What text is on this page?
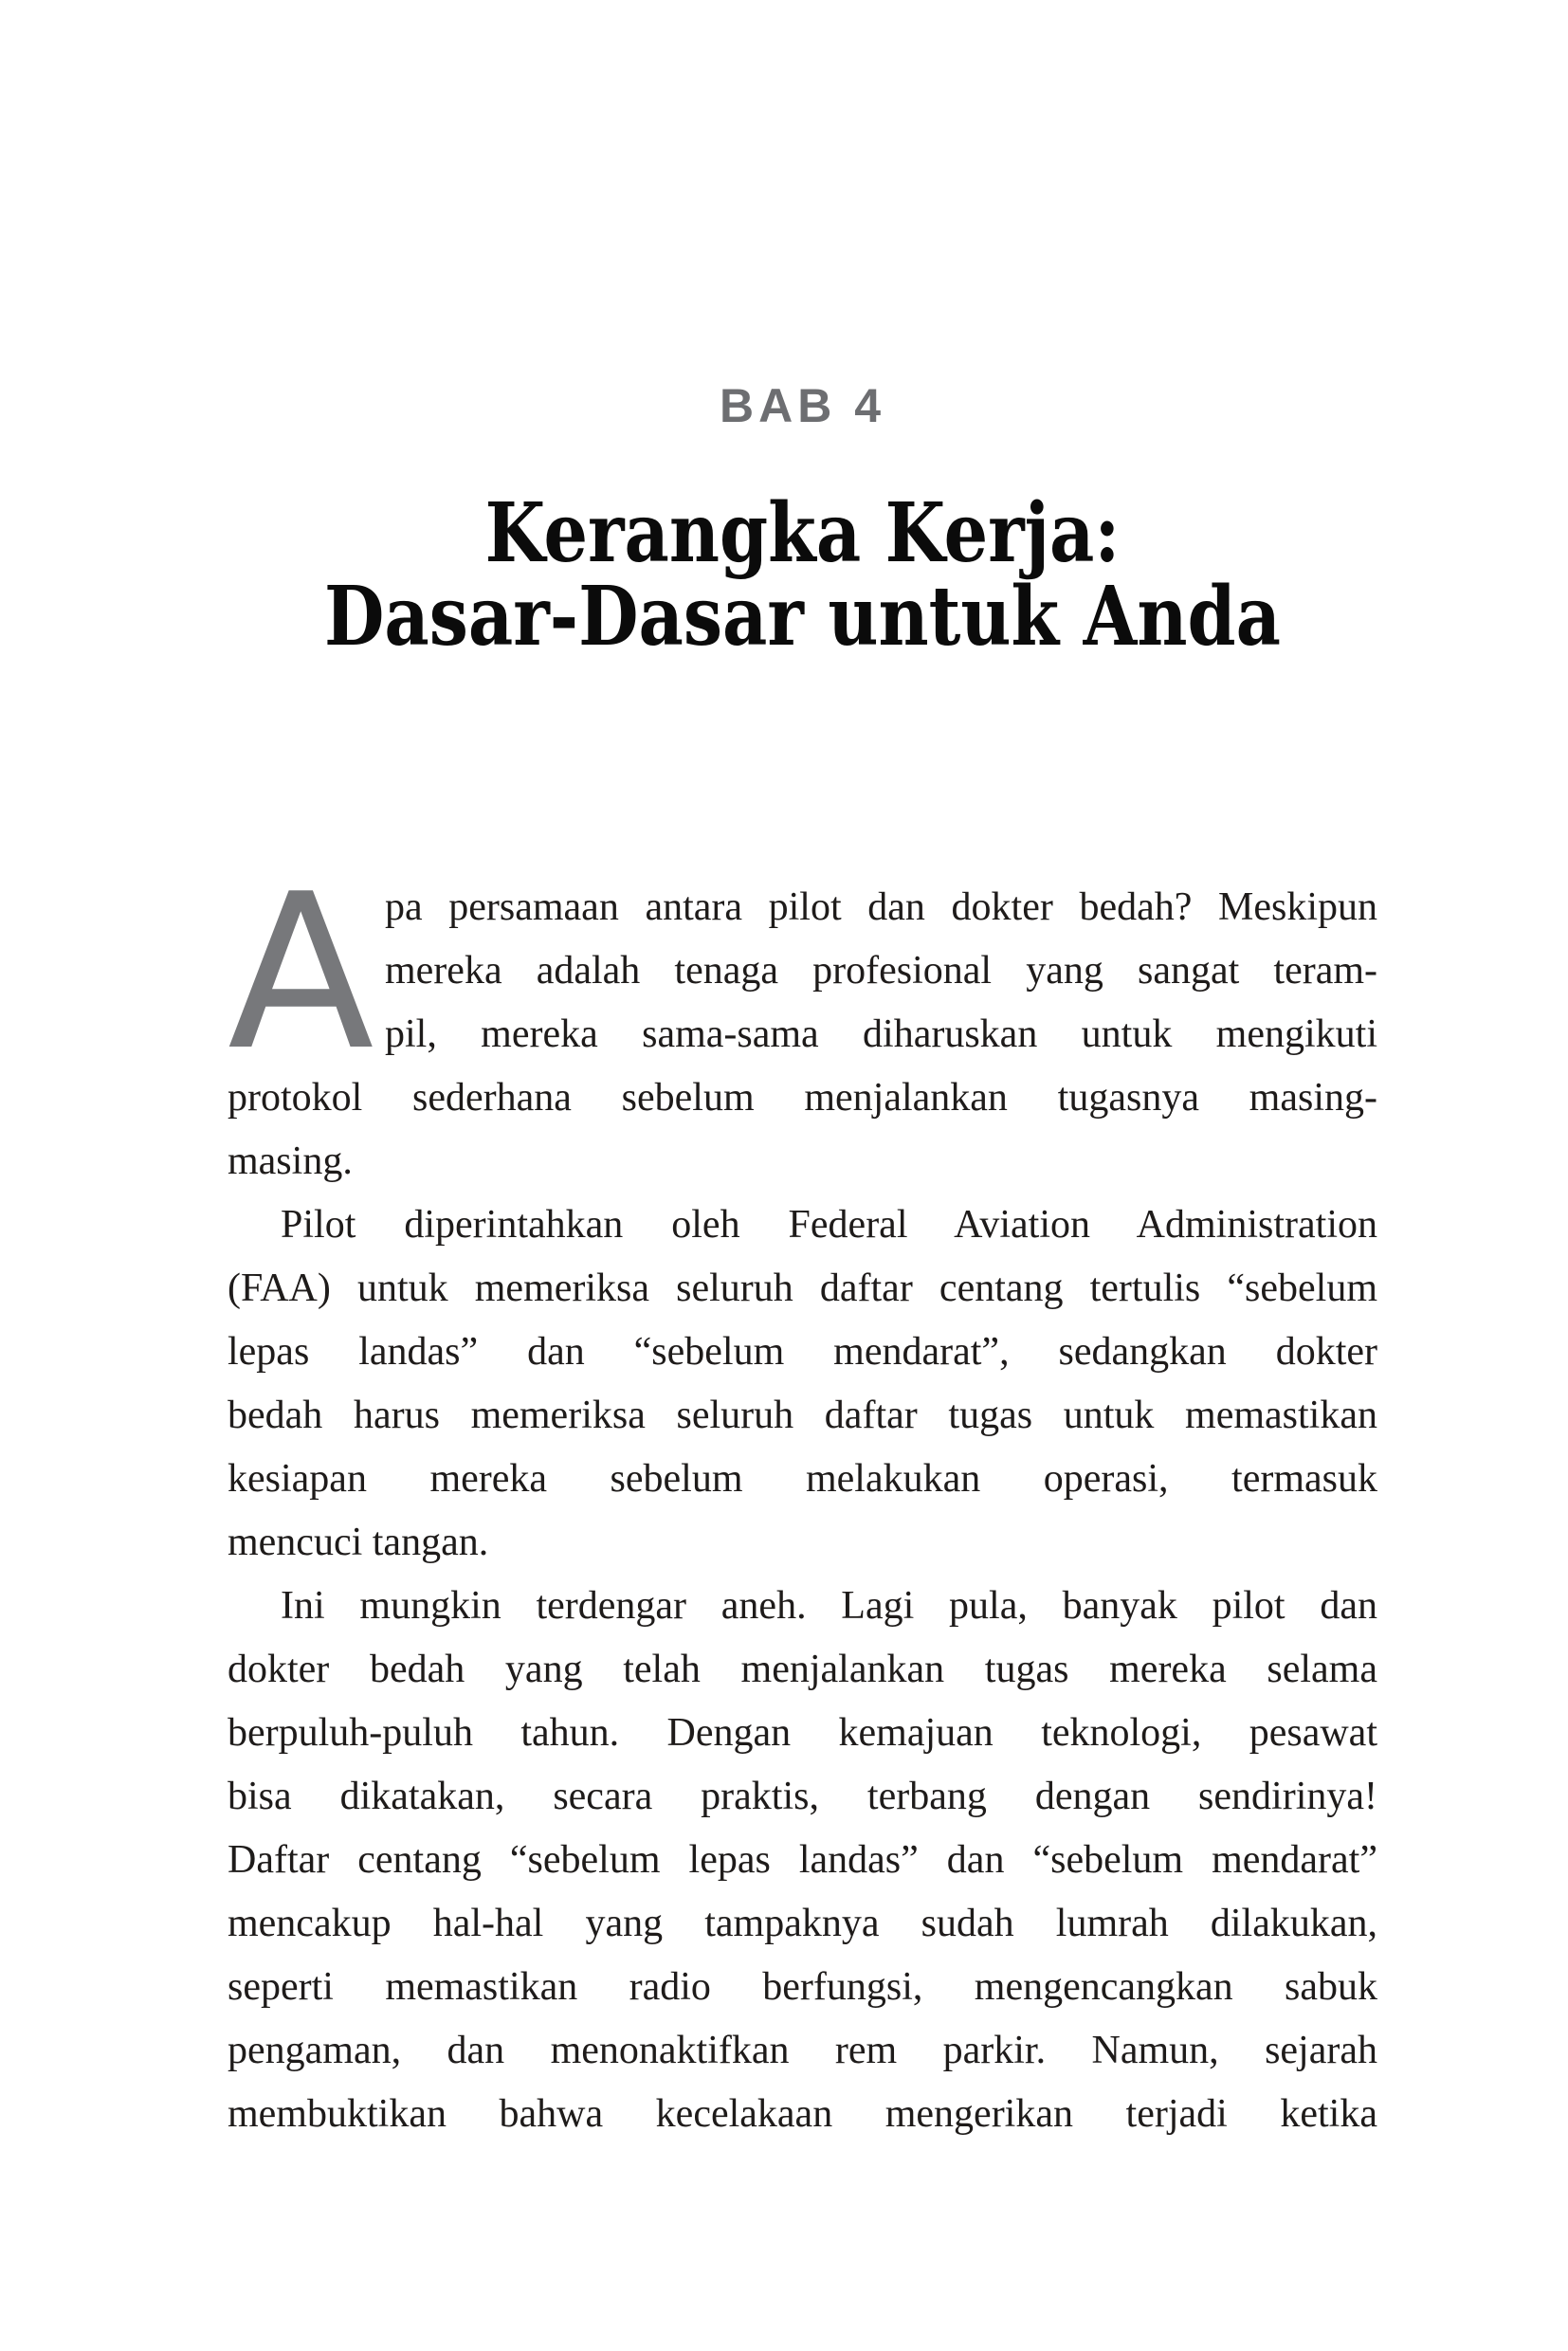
BAB 4
Kerangka Kerja:
Dasar-Dasar untuk Anda
A pa persamaan antara pilot dan dokter bedah? Meskipun
mereka adalah tenaga profesional yang sangat teram-
pil, mereka sama-sama diharuskan untuk mengikuti
protokol sederhana sebelum menjalankan tugasnya masing-
masing.
Pilot diperintahkan oleh Federal Aviation Administration
(FAA) untuk memeriksa seluruh daftar centang tertulis “sebelum
lepas landas” dan “sebelum mendarat”, sedangkan dokter
bedah harus memeriksa seluruh daftar tugas untuk memastikan
kesiapan mereka sebelum melakukan operasi, termasuk
mencuci tangan.
Ini mungkin terdengar aneh. Lagi pula, banyak pilot dan
dokter bedah yang telah menjalankan tugas mereka selama
berpuluh-puluh tahun. Dengan kemajuan teknologi, pesawat
bisa dikatakan, secara praktis, terbang dengan sendirinya!
Daftar centang “sebelum lepas landas” dan “sebelum mendarat”
mencakup hal-hal yang tampaknya sudah lumrah dilakukan,
seperti memastikan radio berfungsi, mengencangkan sabuk
pengaman, dan menonaktifkan rem parkir. Namun, sejarah
membuktikan bahwa kecelakaan mengerikan terjadi ketika
